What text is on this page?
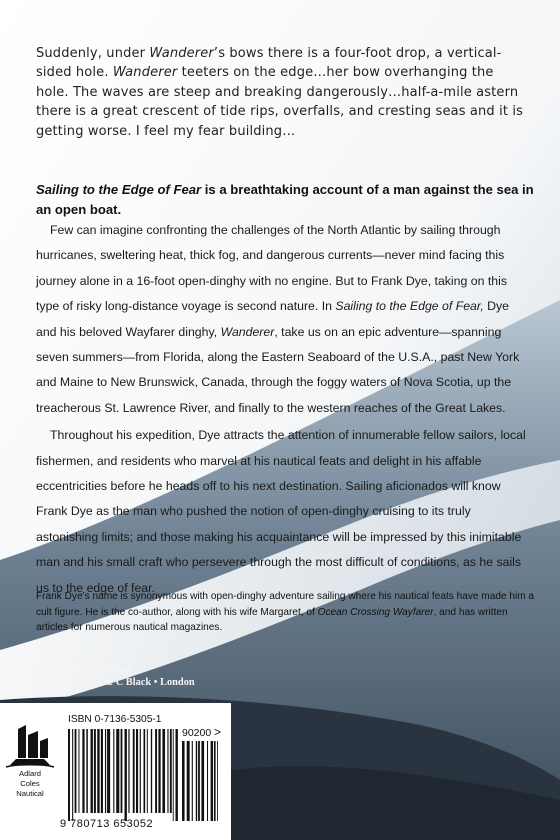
Suddenly, under Wanderer’s bows there is a four-foot drop, a vertical-sided hole. Wanderer teeters on the edge…her bow overhanging the hole. The waves are steep and breaking dangerously…half-a-mile astern there is a great crescent of tide rips, overfalls, and cresting seas and it is getting worse. I feel my fear building…

Sailing to the Edge of Fear is a breathtaking account of a man against the sea in an open boat.

Few can imagine confronting the challenges of the North Atlantic by sailing through hurricanes, sweltering heat, thick fog, and dangerous currents—never mind facing this journey alone in a 16-foot open-dinghy with no engine. But to Frank Dye, taking on this type of risky long-distance voyage is second nature. In Sailing to the Edge of Fear, Dye and his beloved Wayfarer dinghy, Wanderer, take us on an epic adventure—spanning seven summers—from Florida, along the Eastern Seaboard of the U.S.A., past New York and Maine to New Brunswick, Canada, through the foggy waters of Nova Scotia, up the treacherous St. Lawrence River, and finally to the western reaches of the Great Lakes.

Throughout his expedition, Dye attracts the attention of innumerable fellow sailors, local fishermen, and residents who marvel at his nautical feats and delight in his affable eccentricities before he heads off to his next destination. Sailing aficionados will know Frank Dye as the man who pushed the notion of open-dinghy cruising to its truly astonishing limits; and those making his acquaintance will be impressed by this inimitable man and his small craft who persevere through the most difficult of conditions, as he sails us to the edge of fear.

Frank Dye’s name is synonymous with open-dinghy adventure sailing where his nautical feats have made him a cult figure. He is the co-author, along with his wife Margaret, of Ocean Crossing Wayfarer, and has written articles for numerous nautical magazines.
Adlard Coles Nautical
an imprint of A & C Black • London
Adlard
Coles
Nautical
ISBN 0-7136-5305-1
9 780713 653052
90200 >
